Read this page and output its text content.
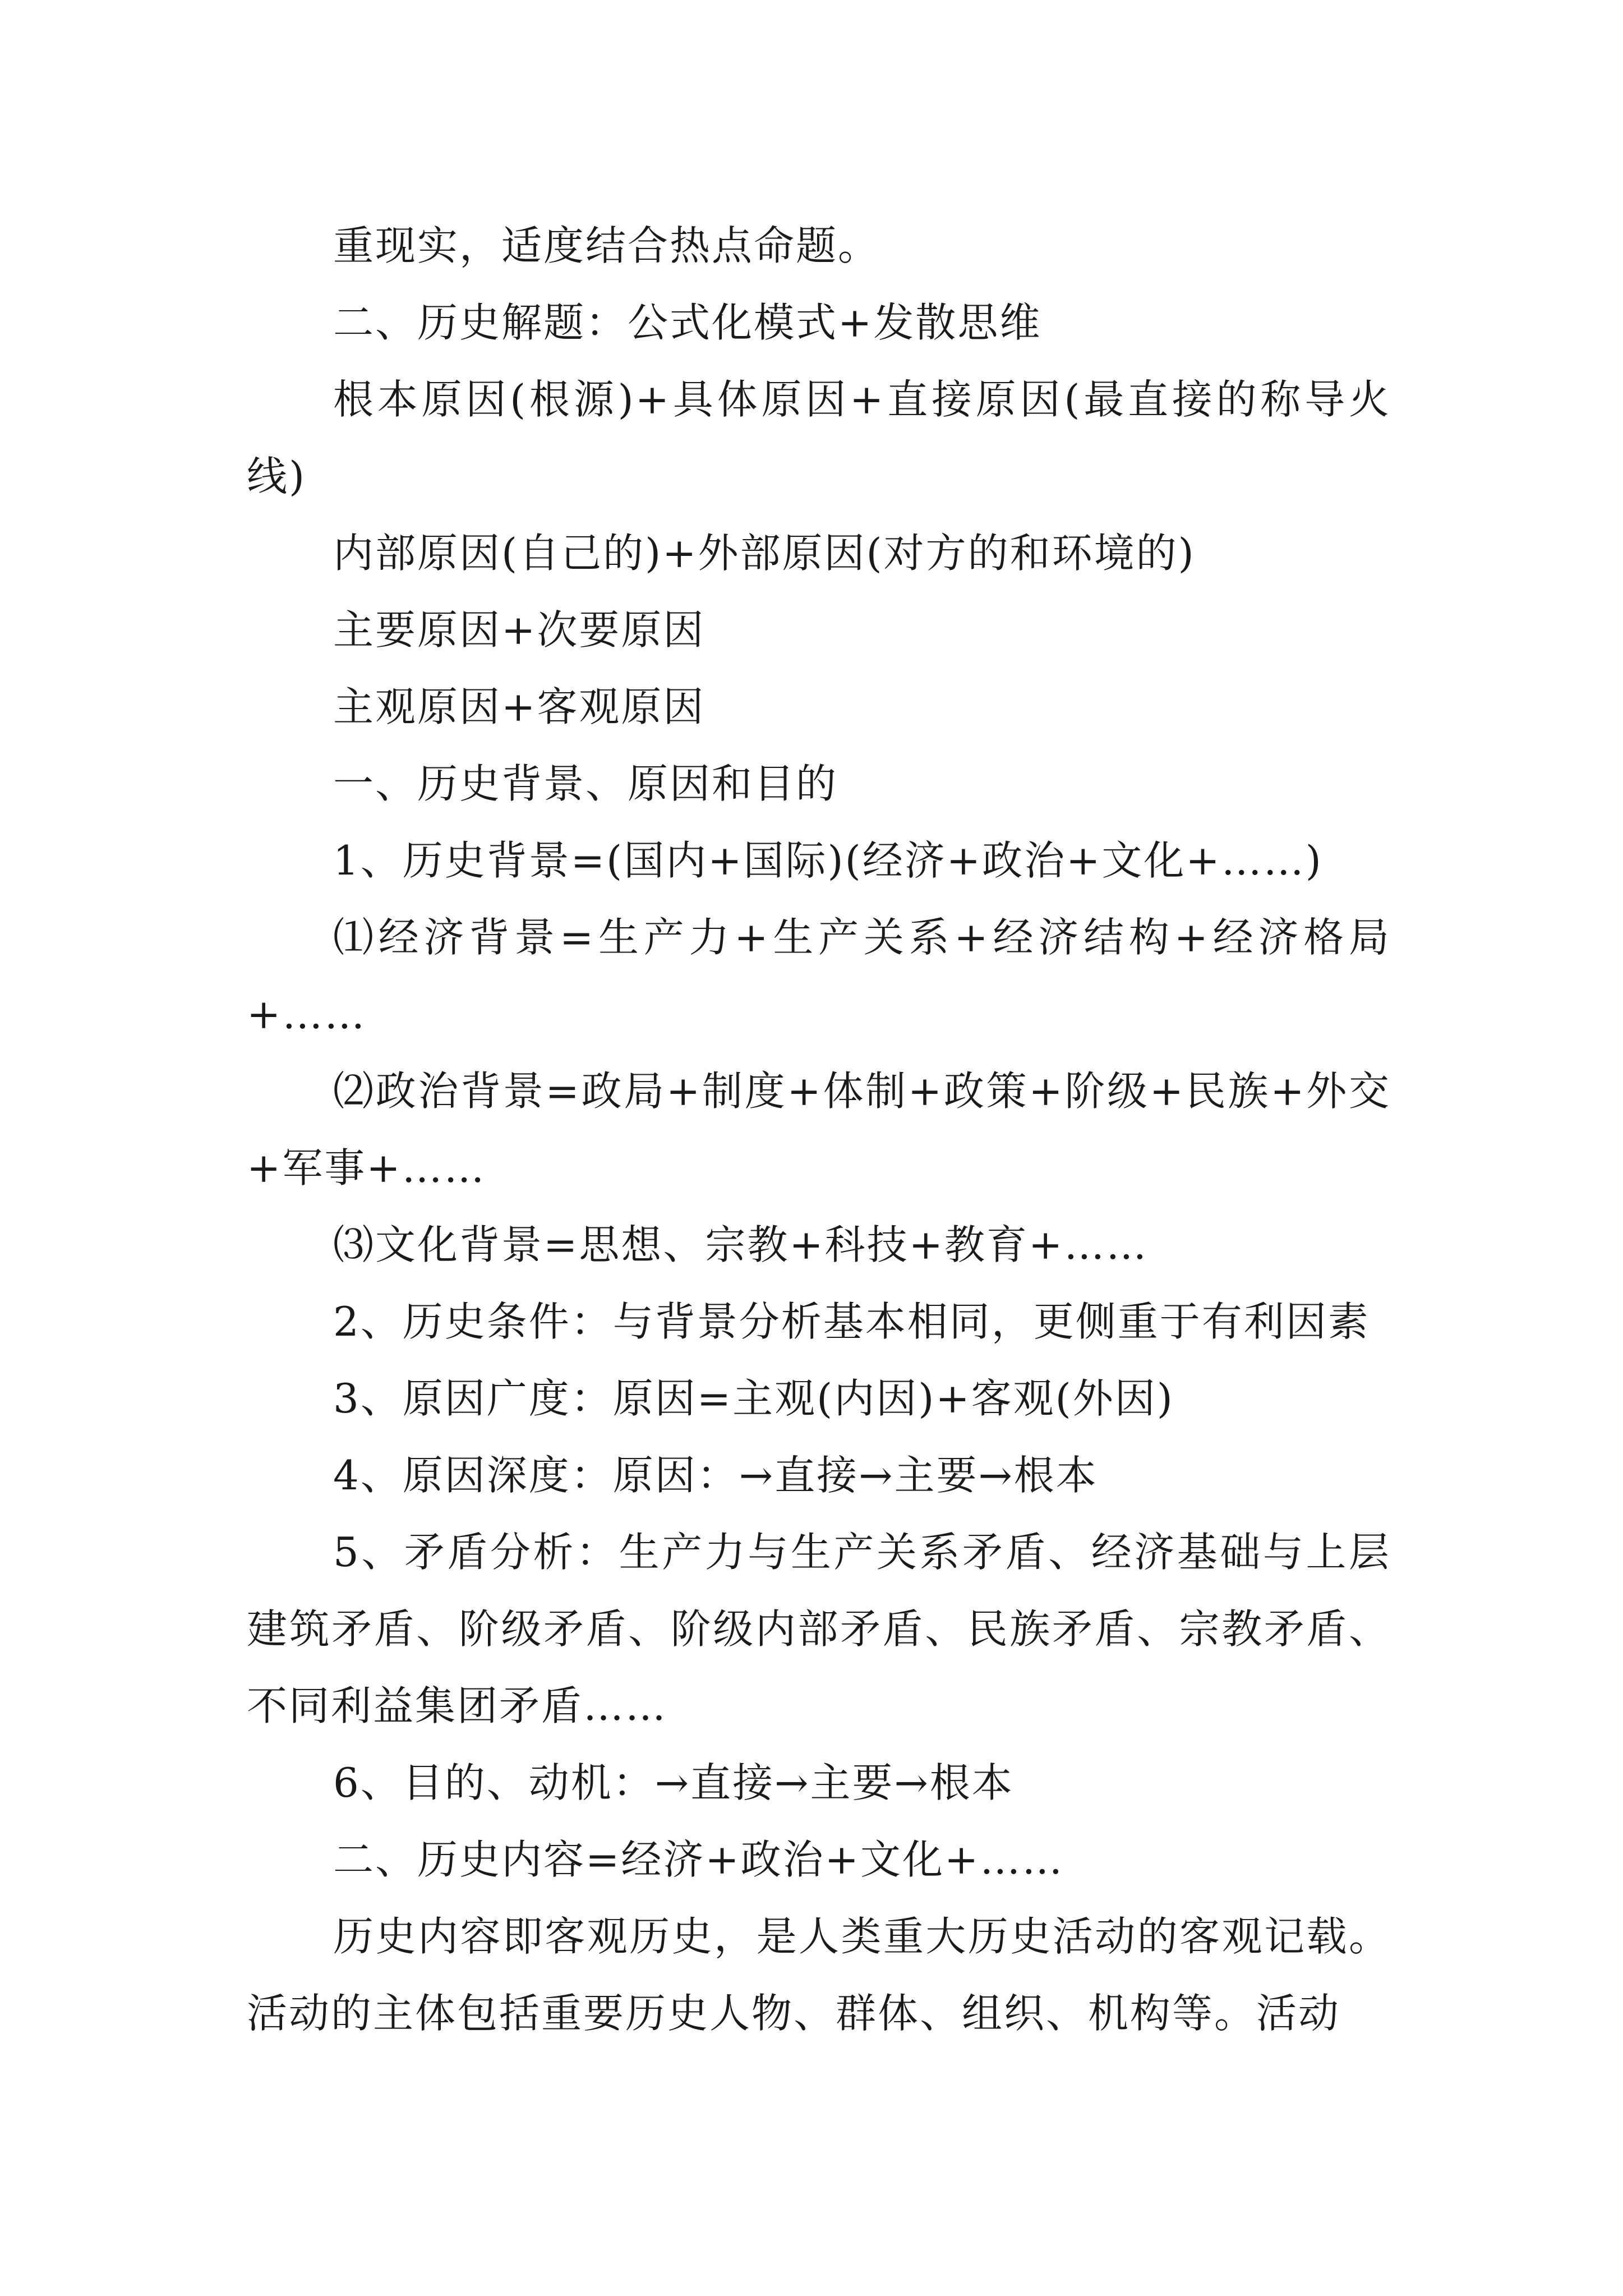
重现实，适度结合热点命题。

二、历史解题：公式化模式+发散思维

根本原因(根源)+具体原因+直接原因(最直接的称导火线)

内部原因(自己的)+外部原因(对方的和环境的)

主要原因+次要原因

主观原因+客观原因

一、历史背景、原因和目的

1、历史背景=(国内+国际)(经济+政治+文化+……)

⑴经济背景=生产力+生产关系+经济结构+经济格局+……

⑵政治背景=政局+制度+体制+政策+阶级+民族+外交+军事+……

⑶文化背景=思想、宗教+科技+教育+……

2、历史条件：与背景分析基本相同，更侧重于有利因素

3、原因广度：原因=主观(内因)+客观(外因)

4、原因深度：原因：→直接→主要→根本

5、矛盾分析：生产力与生产关系矛盾、经济基础与上层建筑矛盾、阶级矛盾、阶级内部矛盾、民族矛盾、宗教矛盾、不同利益集团矛盾……

6、目的、动机：→直接→主要→根本

二、历史内容=经济+政治+文化+……

历史内容即客观历史，是人类重大历史活动的客观记载。活动的主体包括重要历史人物、群体、组织、机构等。活动
